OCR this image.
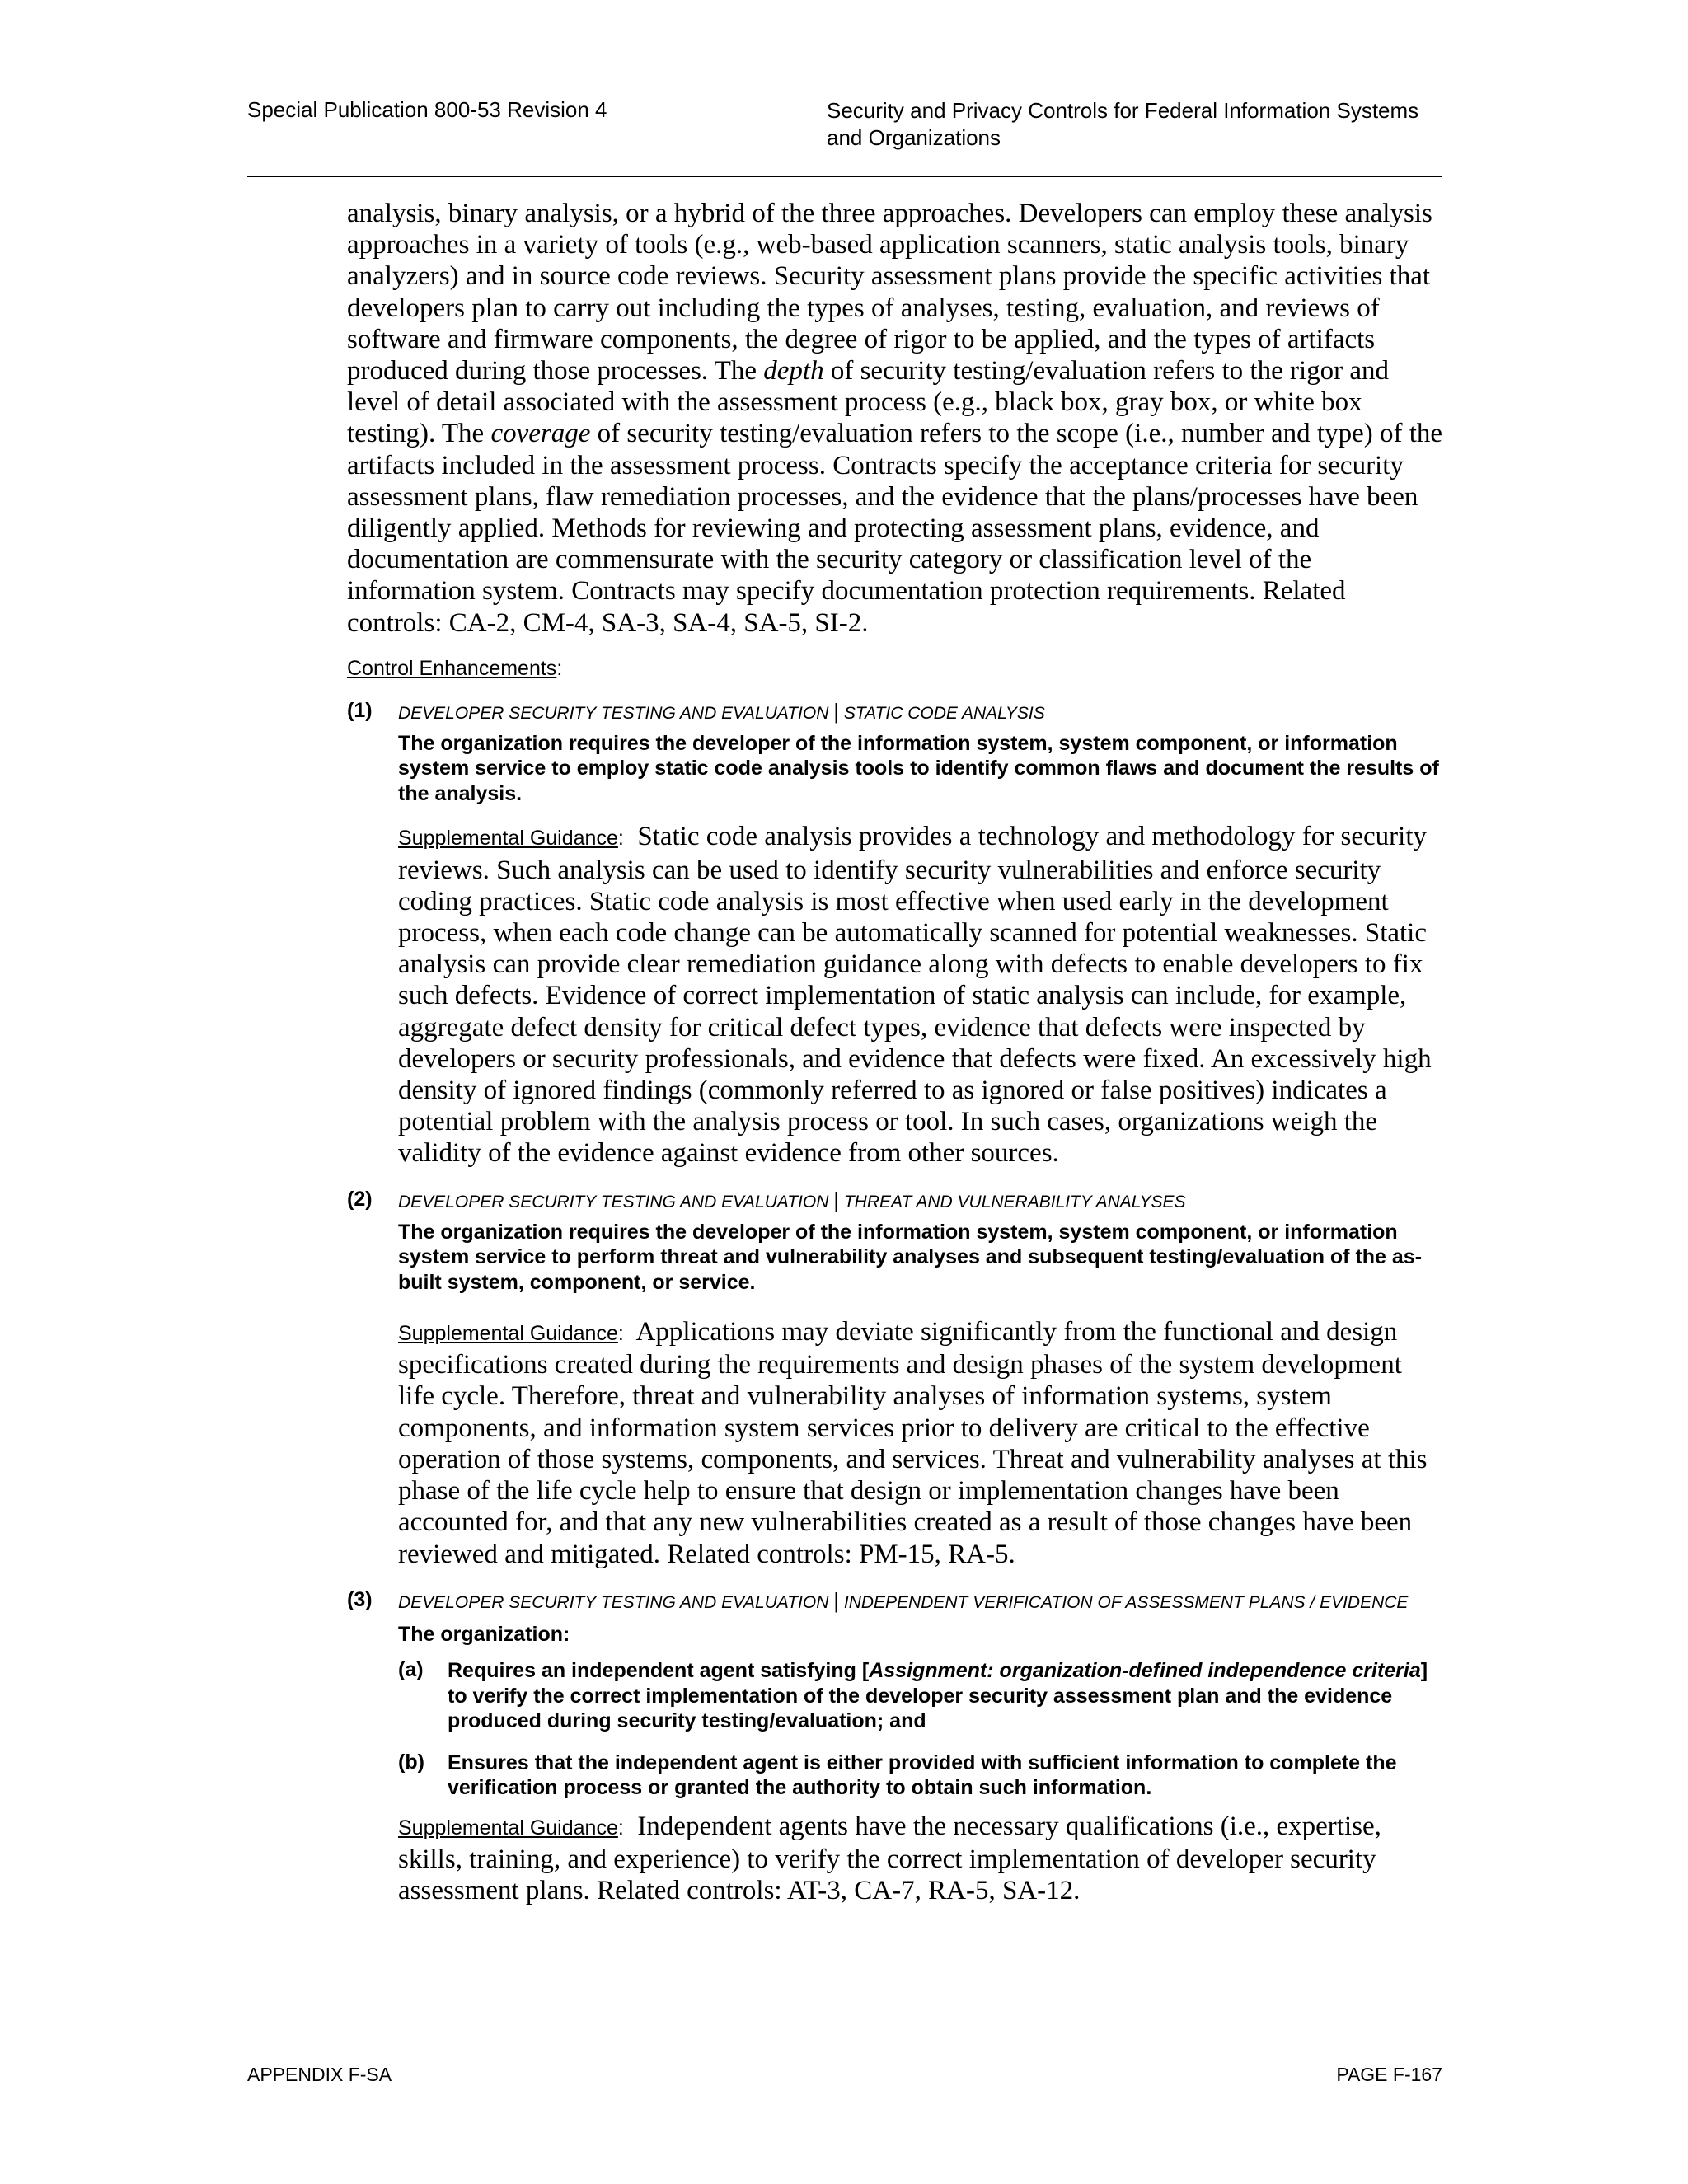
Special Publication 800-53 Revision 4	Security and Privacy Controls for Federal Information Systems and Organizations

analysis, binary analysis, or a hybrid of the three approaches. Developers can employ these analysis approaches in a variety of tools (e.g., web-based application scanners, static analysis tools, binary analyzers) and in source code reviews. Security assessment plans provide the specific activities that developers plan to carry out including the types of analyses, testing, evaluation, and reviews of software and firmware components, the degree of rigor to be applied, and the types of artifacts produced during those processes. The depth of security testing/evaluation refers to the rigor and level of detail associated with the assessment process (e.g., black box, gray box, or white box testing). The coverage of security testing/evaluation refers to the scope (i.e., number and type) of the artifacts included in the assessment process. Contracts specify the acceptance criteria for security assessment plans, flaw remediation processes, and the evidence that the plans/processes have been diligently applied. Methods for reviewing and protecting assessment plans, evidence, and documentation are commensurate with the security category or classification level of the information system. Contracts may specify documentation protection requirements. Related controls: CA-2, CM-4, SA-3, SA-4, SA-5, SI-2.

Control Enhancements:
(1) DEVELOPER SECURITY TESTING AND EVALUATION | STATIC CODE ANALYSIS
The organization requires the developer of the information system, system component, or information system service to employ static code analysis tools to identify common flaws and document the results of the analysis.

Supplemental Guidance: Static code analysis provides a technology and methodology for security reviews. Such analysis can be used to identify security vulnerabilities and enforce security coding practices. Static code analysis is most effective when used early in the development process, when each code change can be automatically scanned for potential weaknesses. Static analysis can provide clear remediation guidance along with defects to enable developers to fix such defects. Evidence of correct implementation of static analysis can include, for example, aggregate defect density for critical defect types, evidence that defects were inspected by developers or security professionals, and evidence that defects were fixed. An excessively high density of ignored findings (commonly referred to as ignored or false positives) indicates a potential problem with the analysis process or tool. In such cases, organizations weigh the validity of the evidence against evidence from other sources.

(2) DEVELOPER SECURITY TESTING AND EVALUATION | THREAT AND VULNERABILITY ANALYSES
The organization requires the developer of the information system, system component, or information system service to perform threat and vulnerability analyses and subsequent testing/evaluation of the as-built system, component, or service.

Supplemental Guidance: Applications may deviate significantly from the functional and design specifications created during the requirements and design phases of the system development life cycle. Therefore, threat and vulnerability analyses of information systems, system components, and information system services prior to delivery are critical to the effective operation of those systems, components, and services. Threat and vulnerability analyses at this phase of the life cycle help to ensure that design or implementation changes have been accounted for, and that any new vulnerabilities created as a result of those changes have been reviewed and mitigated. Related controls: PM-15, RA-5.

(3) DEVELOPER SECURITY TESTING AND EVALUATION | INDEPENDENT VERIFICATION OF ASSESSMENT PLANS / EVIDENCE
The organization:
(a) Requires an independent agent satisfying [Assignment: organization-defined independence criteria] to verify the correct implementation of the developer security assessment plan and the evidence produced during security testing/evaluation; and
(b) Ensures that the independent agent is either provided with sufficient information to complete the verification process or granted the authority to obtain such information.

Supplemental Guidance: Independent agents have the necessary qualifications (i.e., expertise, skills, training, and experience) to verify the correct implementation of developer security assessment plans. Related controls: AT-3, CA-7, RA-5, SA-12.

APPENDIX F-SA	PAGE F-167
